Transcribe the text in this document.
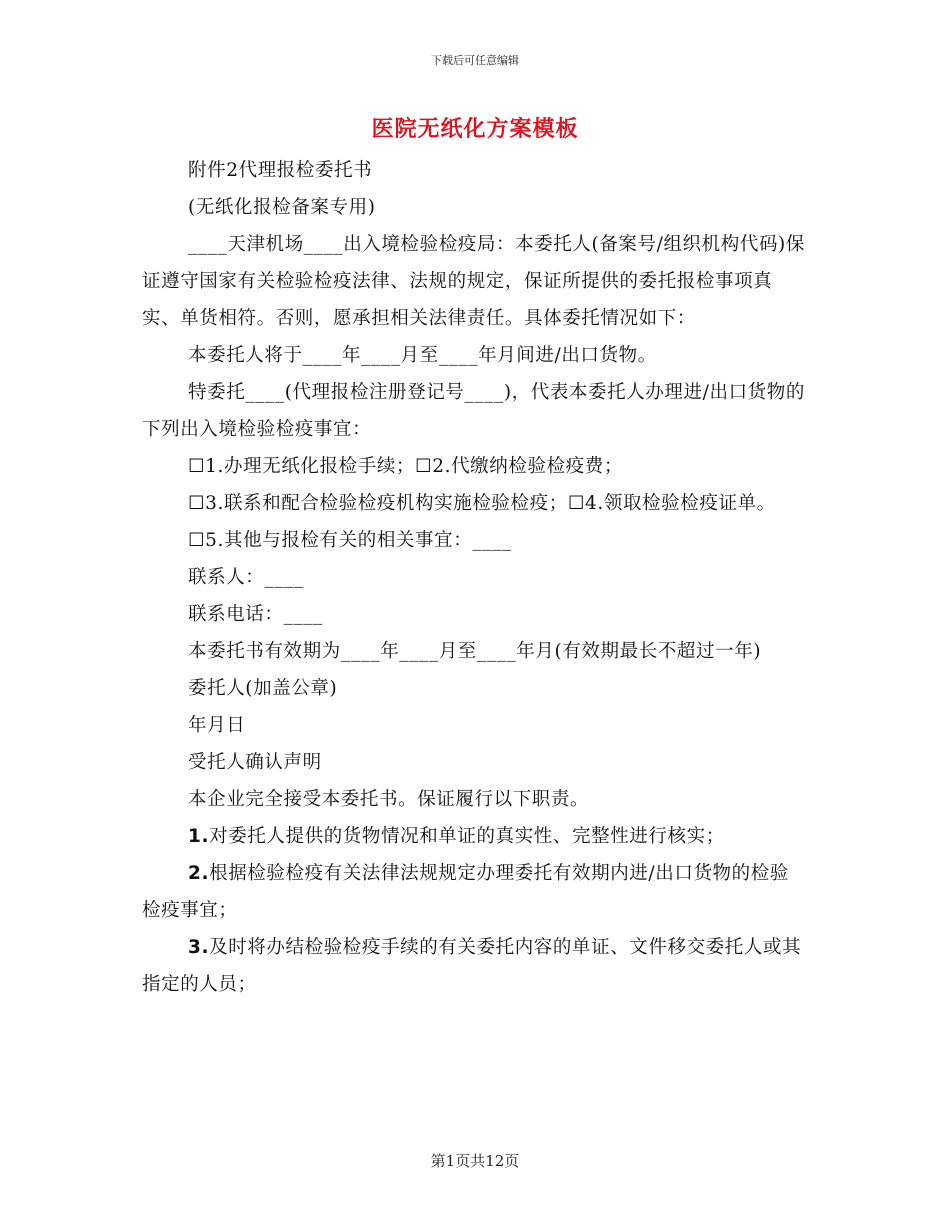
下载后可任意编辑
医院无纸化方案模板

附件2代理报检委托书

(无纸化报检备案专用)

____天津机场____出入境检验检疫局：本委托人(备案号/组织机构代码)保证遵守国家有关检验检疫法律、法规的规定，保证所提供的委托报检事项真实、单货相符。否则，愿承担相关法律责任。具体委托情况如下：

本委托人将于____年____月至____年月间进/出口货物。

特委托____(代理报检注册登记号____)，代表本委托人办理进/出口货物的下列出入境检验检疫事宜：

☐1.办理无纸化报检手续；☐2.代缴纳检验检疫费；

☐3.联系和配合检验检疫机构实施检验检疫；☐4.领取检验检疫证单。

☐5.其他与报检有关的相关事宜：____

联系人：____

联系电话：____

本委托书有效期为____年____月至____年月(有效期最长不超过一年)

委托人(加盖公章)

年月日

受托人确认声明

本企业完全接受本委托书。保证履行以下职责。

1.对委托人提供的货物情况和单证的真实性、完整性进行核实；

2.根据检验检疫有关法律法规规定办理委托有效期内进/出口货物的检验检疫事宜；

3.及时将办结检验检疫手续的有关委托内容的单证、文件移交委托人或其指定的人员；

第1页共12页
